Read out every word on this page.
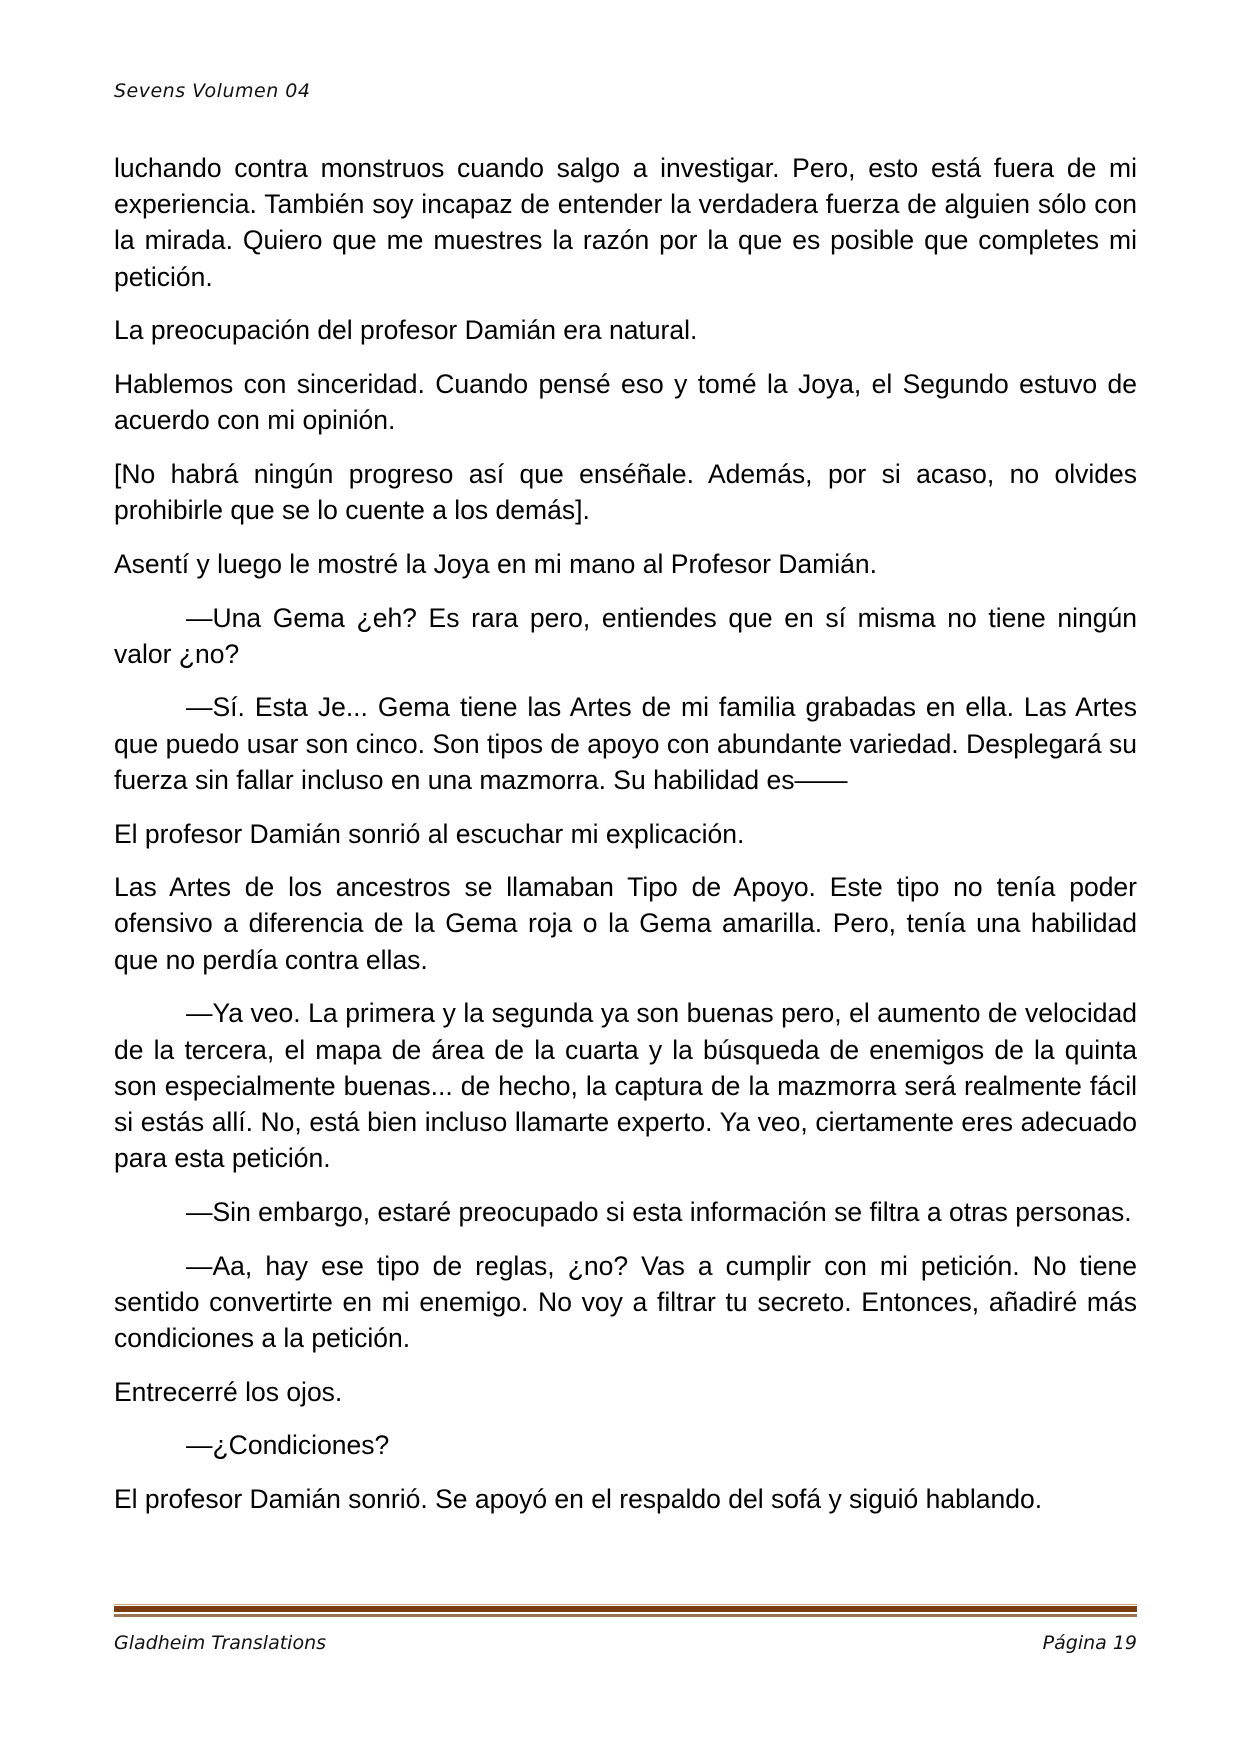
Sevens Volumen 04

luchando contra monstruos cuando salgo a investigar. Pero, esto está fuera de mi experiencia. También soy incapaz de entender la verdadera fuerza de alguien sólo con la mirada. Quiero que me muestres la razón por la que es posible que completes mi petición.

La preocupación del profesor Damián era natural.

Hablemos con sinceridad. Cuando pensé eso y tomé la Joya, el Segundo estuvo de acuerdo con mi opinión.

[No habrá ningún progreso así que enséñale. Además, por si acaso, no olvides prohibirle que se lo cuente a los demás].

Asentí y luego le mostré la Joya en mi mano al Profesor Damián.

—Una Gema ¿eh? Es rara pero, entiendes que en sí misma no tiene ningún valor ¿no?

—Sí. Esta Je... Gema tiene las Artes de mi familia grabadas en ella. Las Artes que puedo usar son cinco. Son tipos de apoyo con abundante variedad. Desplegará su fuerza sin fallar incluso en una mazmorra. Su habilidad es——

El profesor Damián sonrió al escuchar mi explicación.

Las Artes de los ancestros se llamaban Tipo de Apoyo. Este tipo no tenía poder ofensivo a diferencia de la Gema roja o la Gema amarilla. Pero, tenía una habilidad que no perdía contra ellas.

—Ya veo. La primera y la segunda ya son buenas pero, el aumento de velocidad de la tercera, el mapa de área de la cuarta y la búsqueda de enemigos de la quinta son especialmente buenas... de hecho, la captura de la mazmorra será realmente fácil si estás allí. No, está bien incluso llamarte experto. Ya veo, ciertamente eres adecuado para esta petición.

—Sin embargo, estaré preocupado si esta información se filtra a otras personas.

—Aa, hay ese tipo de reglas, ¿no? Vas a cumplir con mi petición. No tiene sentido convertirte en mi enemigo. No voy a filtrar tu secreto. Entonces, añadiré más condiciones a la petición.

Entrecerré los ojos.

—¿Condiciones?

El profesor Damián sonrió. Se apoyó en el respaldo del sofá y siguió hablando.

Gladheim Translations	Página 19
